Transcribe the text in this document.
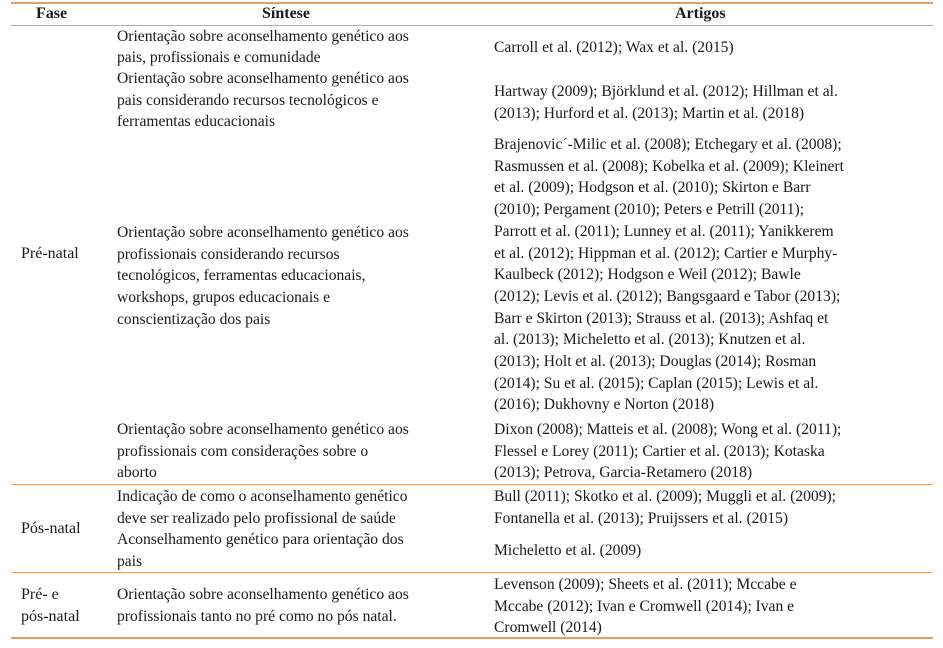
Fase	Síntese	Artigos
Pré-natal
Orientação sobre aconselhamento genético aos
pais, profissionais e comunidade
Carroll et al. (2012); Wax et al. (2015)
Orientação sobre aconselhamento genético aos
pais considerando recursos tecnológicos e
ferramentas educacionais
Hartway (2009); Björklund et al. (2012); Hillman et al.
(2013); Hurford et al. (2013); Martin et al. (2018)
Orientação sobre aconselhamento genético aos
profissionais considerando recursos
tecnológicos, ferramentas educacionais,
workshops, grupos educacionais e
conscientização dos pais
Brajenovic´-Milic et al. (2008); Etchegary et al. (2008);
Rasmussen et al. (2008); Kobelka et al. (2009); Kleinert
et al. (2009); Hodgson et al. (2010); Skirton e Barr
(2010); Pergament (2010); Peters e Petrill (2011);
Parrott et al. (2011); Lunney et al. (2011); Yanikkerem
et al. (2012); Hippman et al. (2012); Cartier e Murphy-
Kaulbeck (2012); Hodgson e Weil (2012); Bawle
(2012); Levis et al. (2012); Bangsgaard e Tabor (2013);
Barr e Skirton (2013); Strauss et al. (2013); Ashfaq et
al. (2013); Micheletto et al. (2013); Knutzen et al.
(2013); Holt et al. (2013); Douglas (2014); Rosman
(2014); Su et al. (2015); Caplan (2015); Lewis et al.
(2016); Dukhovny e Norton (2018)
Orientação sobre aconselhamento genético aos
profissionais com considerações sobre o
aborto
Dixon (2008); Matteis et al. (2008); Wong et al. (2011);
Flessel e Lorey (2011); Cartier et al. (2013); Kotaska
(2013); Petrova, Garcia-Retamero (2018)
Pós-natal
Indicação de como o aconselhamento genético
deve ser realizado pelo profissional de saúde
Bull (2011); Skotko et al. (2009); Muggli et al. (2009);
Fontanella et al. (2013); Pruijssers et al. (2015)
Aconselhamento genético para orientação dos
pais
Micheletto et al. (2009)
Pré- e
pós-natal
Orientação sobre aconselhamento genético aos
profissionais tanto no pré como no pós natal.
Levenson (2009); Sheets et al. (2011); Mccabe e
Mccabe (2012); Ivan e Cromwell (2014); Ivan e
Cromwell (2014)
